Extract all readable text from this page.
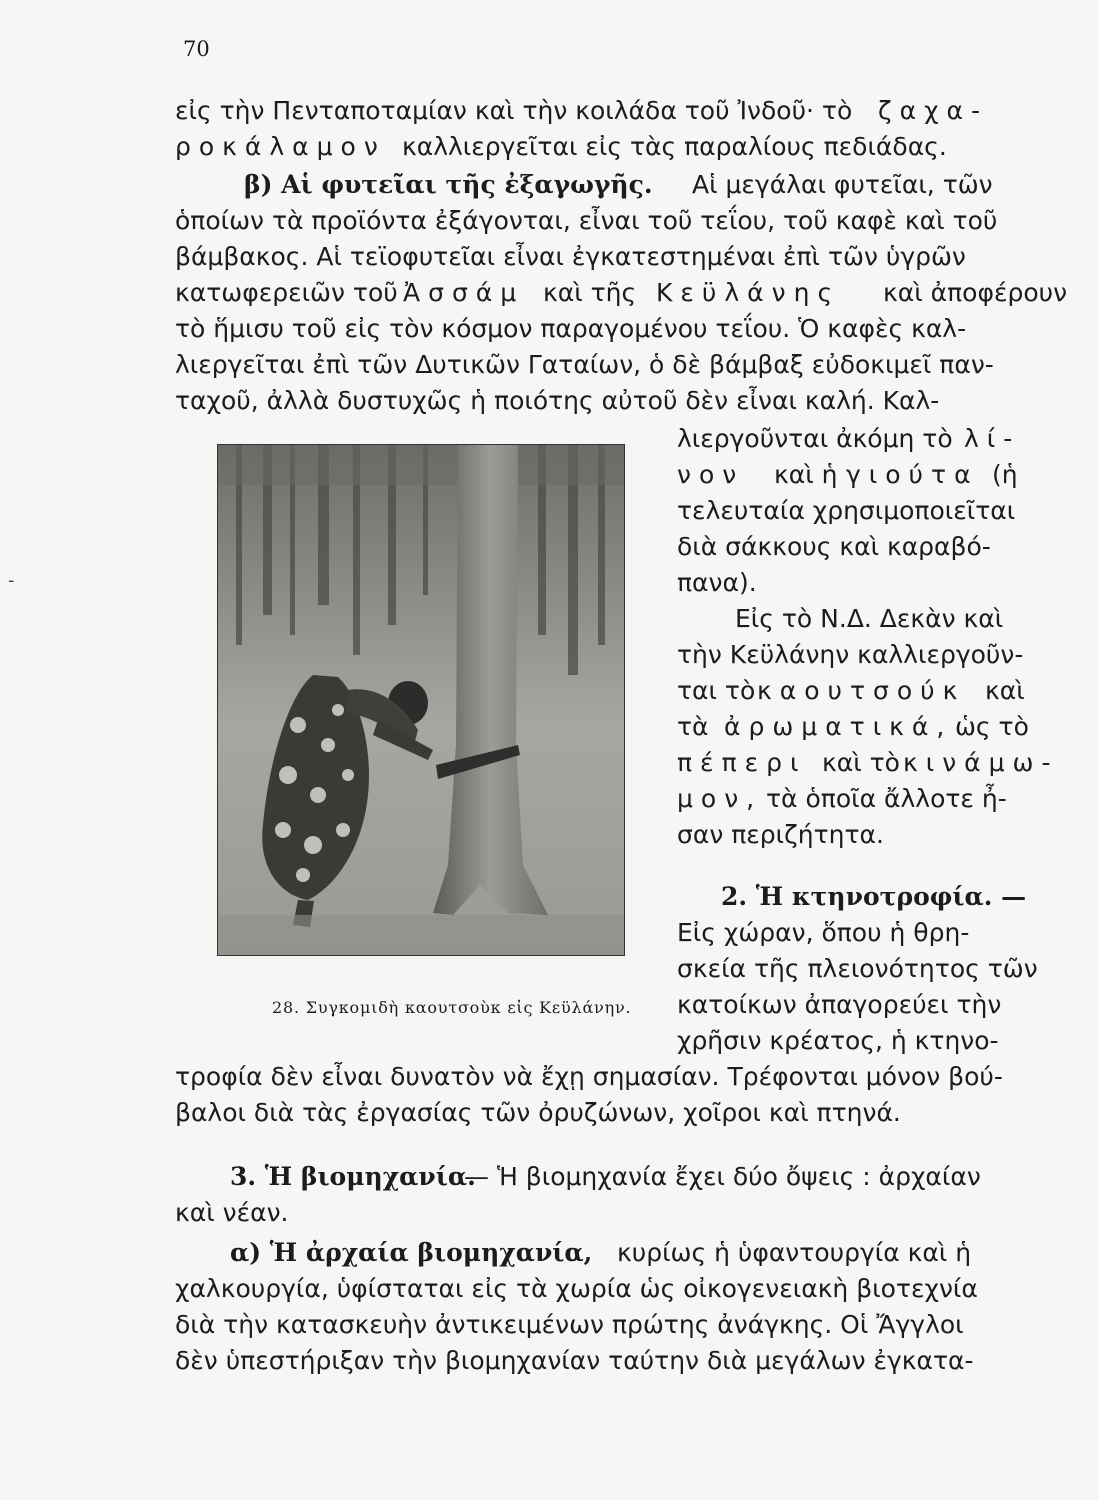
70
εἰς τὴν Πενταποταμίαν καὶ τὴν κοιλάδα τοῦ Ἰνδοῦ· τὸ ζαχα-
ροκάλαμον καλλιεργεῖται εἰς τὰς παραλίους πεδιάδας.
β) Αἱ φυτεῖαι τῆς ἐξαγωγῆς. Αἱ μεγάλαι φυτεῖαι, τῶν
ὁποίων τὰ προϊόντα ἐξάγονται, εἶναι τοῦ τεΐου, τοῦ καφὲ καὶ τοῦ
βάμβακος. Αἱ τεϊοφυτεῖαι εἶναι ἐγκατεστημέναι ἐπὶ τῶν ὑγρῶν
κατωφερειῶν τοῦ Ἀσσάμ καὶ τῆς Κεϋλάνης καὶ ἀποφέρουν
τὸ ἥμισυ τοῦ εἰς τὸν κόσμον παραγομένου τεΐου. Ὁ καφὲς καλ-
λιεργεῖται ἐπὶ τῶν Δυτικῶν Γαταίων, ὁ δὲ βάμβαξ εὐδοκιμεῖ παν-
ταχοῦ, ἀλλὰ δυστυχῶς ἡ ποιότης αὐτοῦ δὲν εἶναι καλή. Καλ-
λιεργοῦνται ἀκόμη τὸ λί-
νον καὶ ἡ γιούτα (ἡ
τελευταία χρησιμοποιεῖται
διὰ σάκκους καὶ καραβό-
πανα).
Εἰς τὸ Ν.Δ. Δεκὰν καὶ
τὴν Κεϋλάνην καλλιεργοῦν-
ται τὸ καουτσούκ καὶ
τὰ ἀρωματικά, ὡς τὸ
πέπερι καὶ τὸ κινάμω-
μον, τὰ ὁποῖα ἄλλοτε ἦ-
σαν περιζήτητα.
2. Ἡ κτηνοτροφία. —
Εἰς χώραν, ὅπου ἡ θρη-
σκεία τῆς πλειονότητος τῶν
κατοίκων ἀπαγορεύει τὴν
χρῆσιν κρέατος, ἡ κτηνο-
τροφία δὲν εἶναι δυνατὸν νὰ ἔχῃ σημασίαν. Τρέφονται μόνον βού-
βαλοι διὰ τὰς ἐργασίας τῶν ὀρυζώνων, χοῖροι καὶ πτηνά.
3. Ἡ βιομηχανία.
— Ἡ βιομηχανία ἔχει δύο ὄψεις : ἀρχαίαν
καὶ νέαν.
α) Ἡ ἀρχαία βιομηχανία, κυρίως ἡ ὑφαντουργία καὶ ἡ
χαλκουργία, ὑφίσταται εἰς τὰ χωρία ὡς οἰκογενειακὴ βιοτεχνία
διὰ τὴν κατασκευὴν ἀντικειμένων πρώτης ἀνάγκης. Οἱ Ἄγγλοι
δὲν ὑπεστήριξαν τὴν βιομηχανίαν ταύτην διὰ μεγάλων ἐγκατα-
28. Συγκομιδὴ καουτσοὺκ εἰς Κεϋλάνην.
‑
